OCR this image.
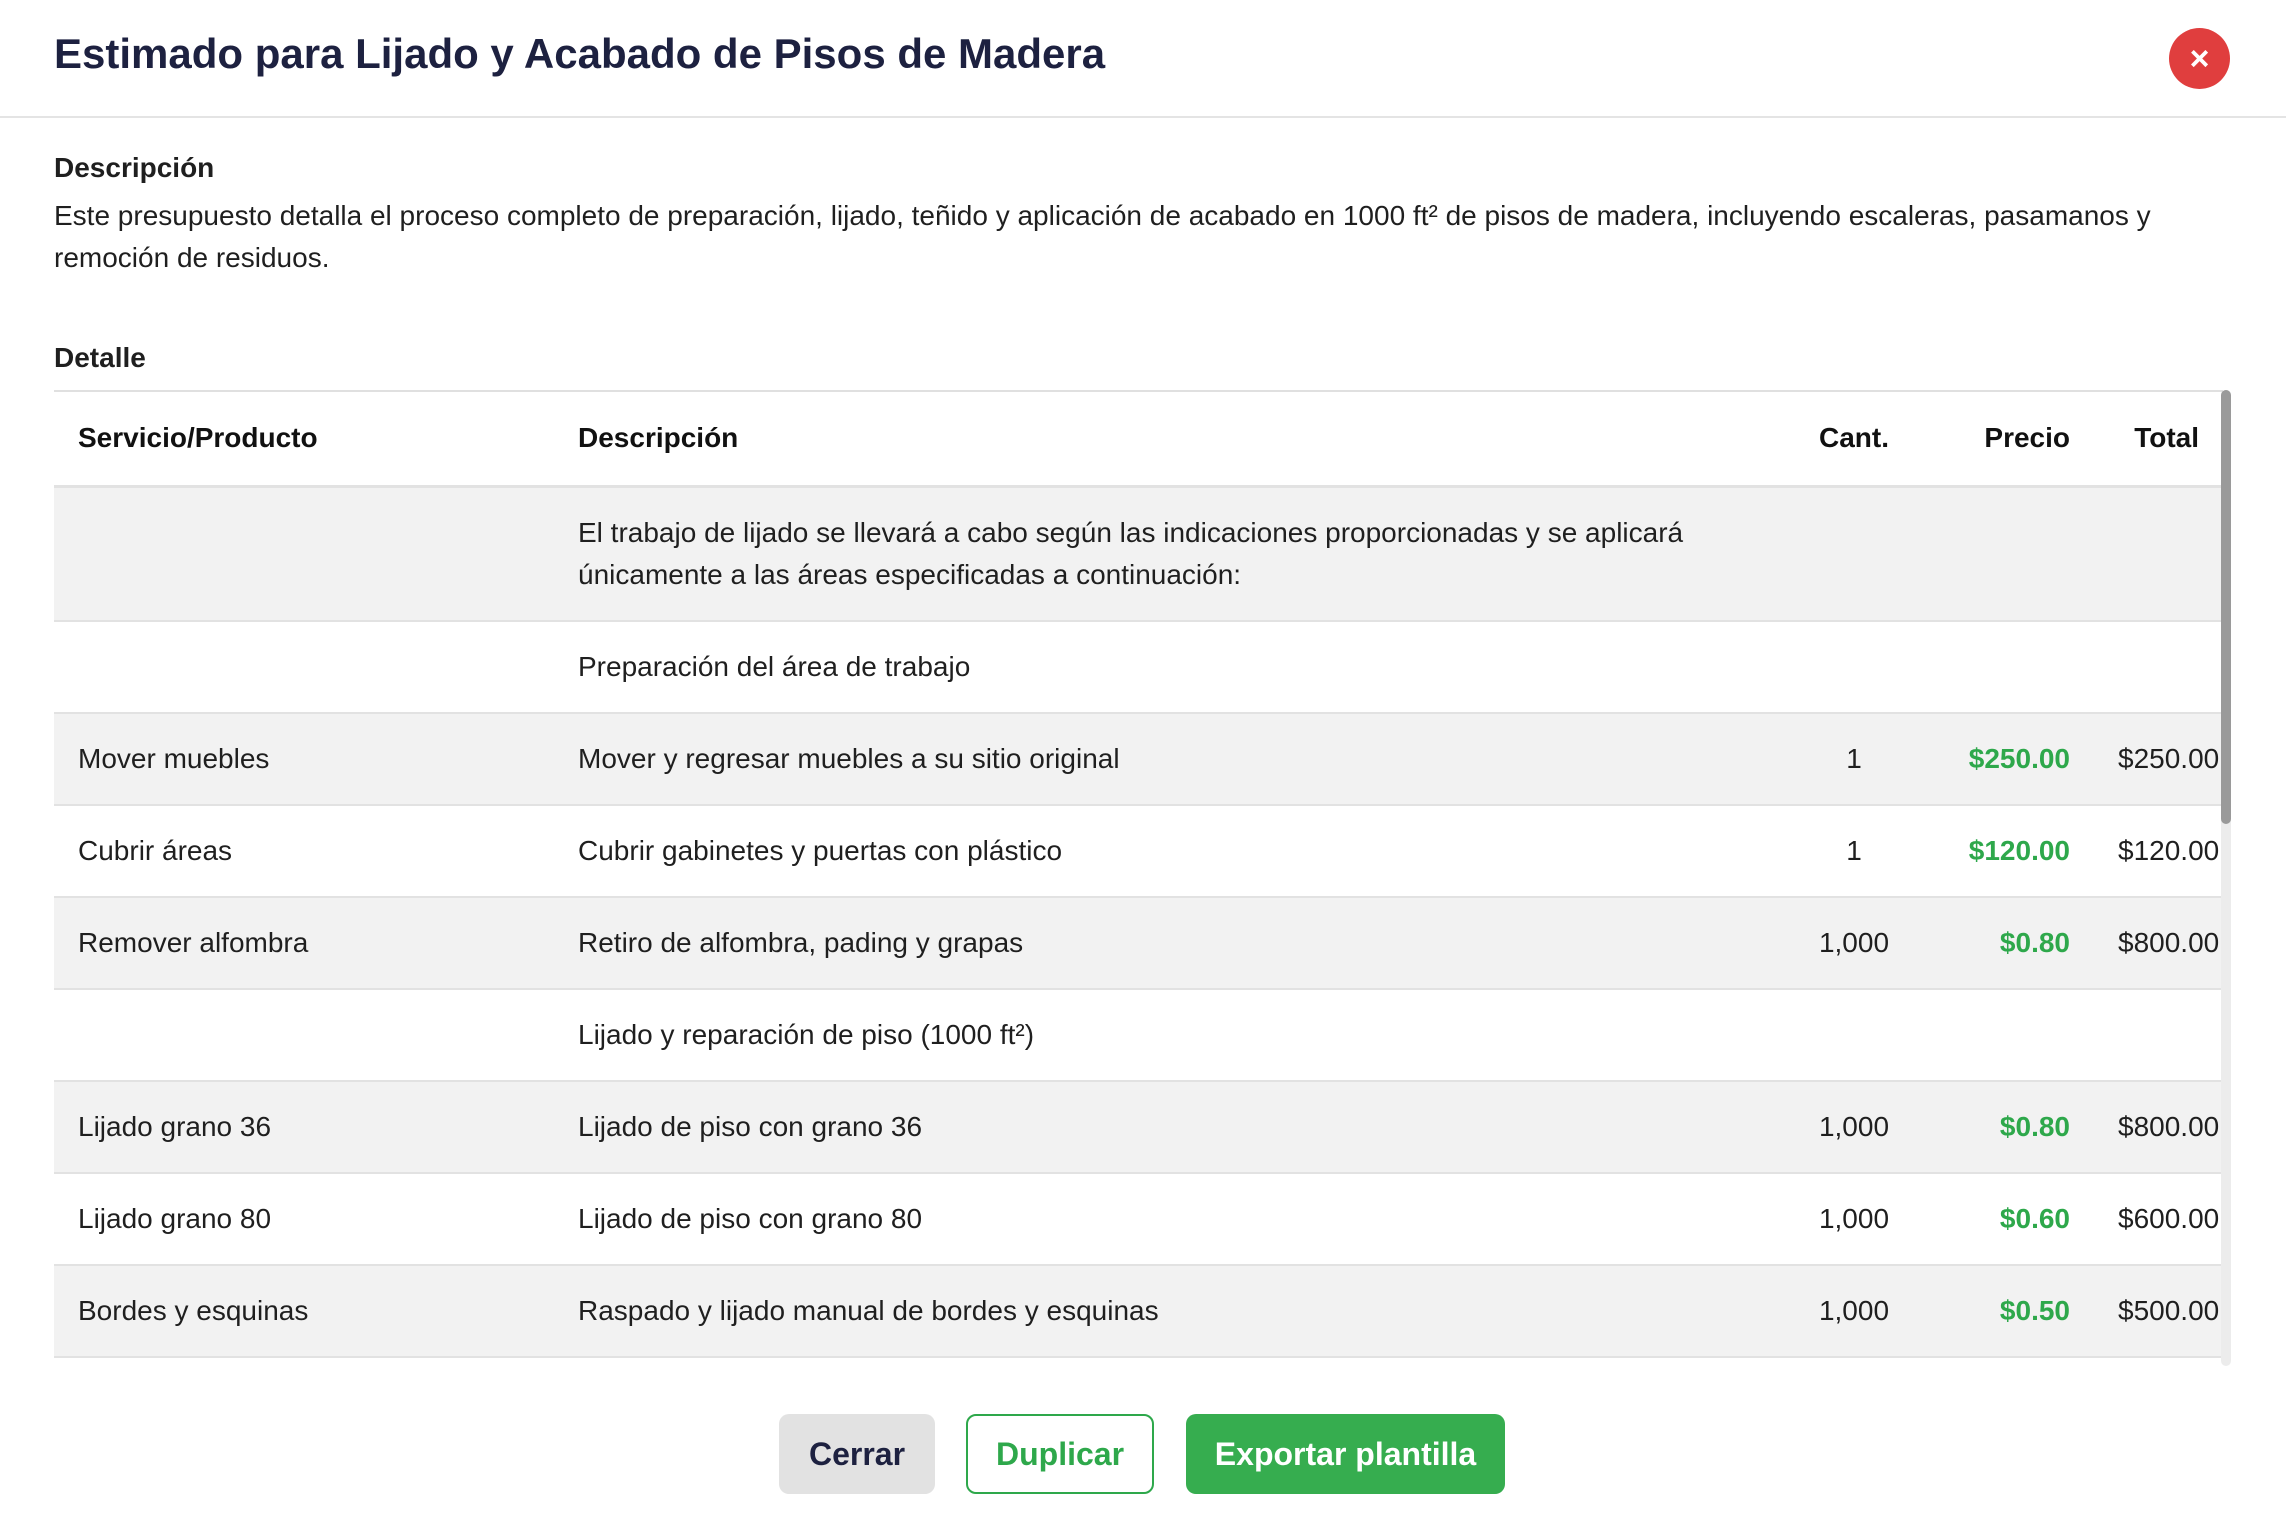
Estimado para Lijado y Acabado de Pisos de Madera	×
Descripción
Este presupuesto detalla el proceso completo de preparación, lijado, teñido y aplicación de acabado en 1000 ft² de pisos de madera, incluyendo escaleras, pasamanos y remoción de residuos.
Detalle
Servicio/Producto	Descripción	Cant.	Precio	Total
	El trabajo de lijado se llevará a cabo según las indicaciones proporcionadas y se aplicará únicamente a las áreas especificadas a continuación:			
	Preparación del área de trabajo			
Mover muebles	Mover y regresar muebles a su sitio original	1	$250.00	$250.00
Cubrir áreas	Cubrir gabinetes y puertas con plástico	1	$120.00	$120.00
Remover alfombra	Retiro de alfombra, pading y grapas	1,000	$0.80	$800.00
	Lijado y reparación de piso (1000 ft²)			
Lijado grano 36	Lijado de piso con grano 36	1,000	$0.80	$800.00
Lijado grano 80	Lijado de piso con grano 80	1,000	$0.60	$600.00
Bordes y esquinas	Raspado y lijado manual de bordes y esquinas	1,000	$0.50	$500.00
Cerrar	Duplicar	Exportar plantilla
